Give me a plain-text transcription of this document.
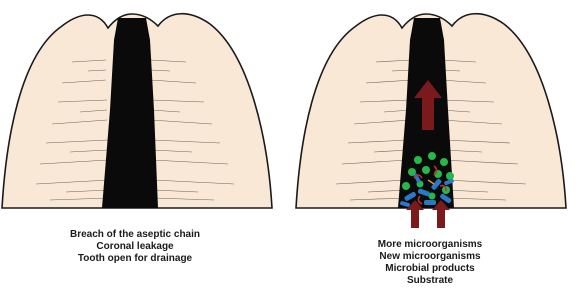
Breach of the aseptic chain
Coronal leakage
Tooth open for drainage
More microorganisms
New microorganisms
Microbial products
Substrate
